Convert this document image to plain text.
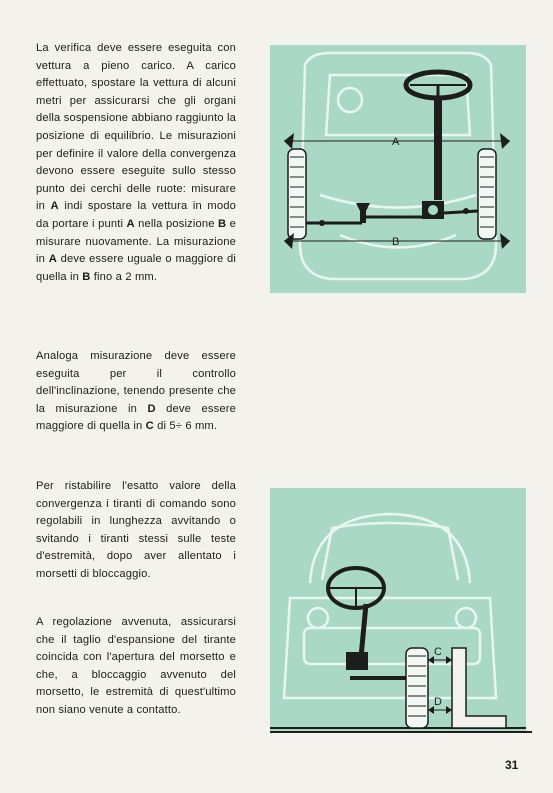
La verifica deve essere eseguita con vettura a pieno carico. A carico effettuato, spostare la vettura di alcuni metri per assicurarsi che gli organi della sospensione abbiano raggiunto la posizione di equilibrio. Le misurazioni per definire il valore della convergenza devono essere eseguite sullo stesso punto dei cerchi delle ruote: misurare in A indi spostare la vettura in modo da portare i punti A nella posizione B e misurare nuovamente. La misurazione in A deve essere uguale o maggiore di quella in B fino a 2 mm.
Analoga misurazione deve essere eseguita per il controllo dell'inclinazione, tenendo presente che la misurazione in D deve essere maggiore di quella in C di 5÷ 6 mm.
Per ristabilire l'esatto valore della convergenza i tiranti di comando sono regolabili in lunghezza avvitando o svitando i tiranti stessi sulle teste d'estremità, dopo aver allentato i morsetti di bloccaggio.
A regolazione avvenuta, assicurarsi che il taglio d'espansione del tirante coincida con l'apertura del morsetto e che, a bloccaggio avvenuto del morsetto, le estremità di quest'ultimo non siano venute a contatto.
A
B
C
D
31
